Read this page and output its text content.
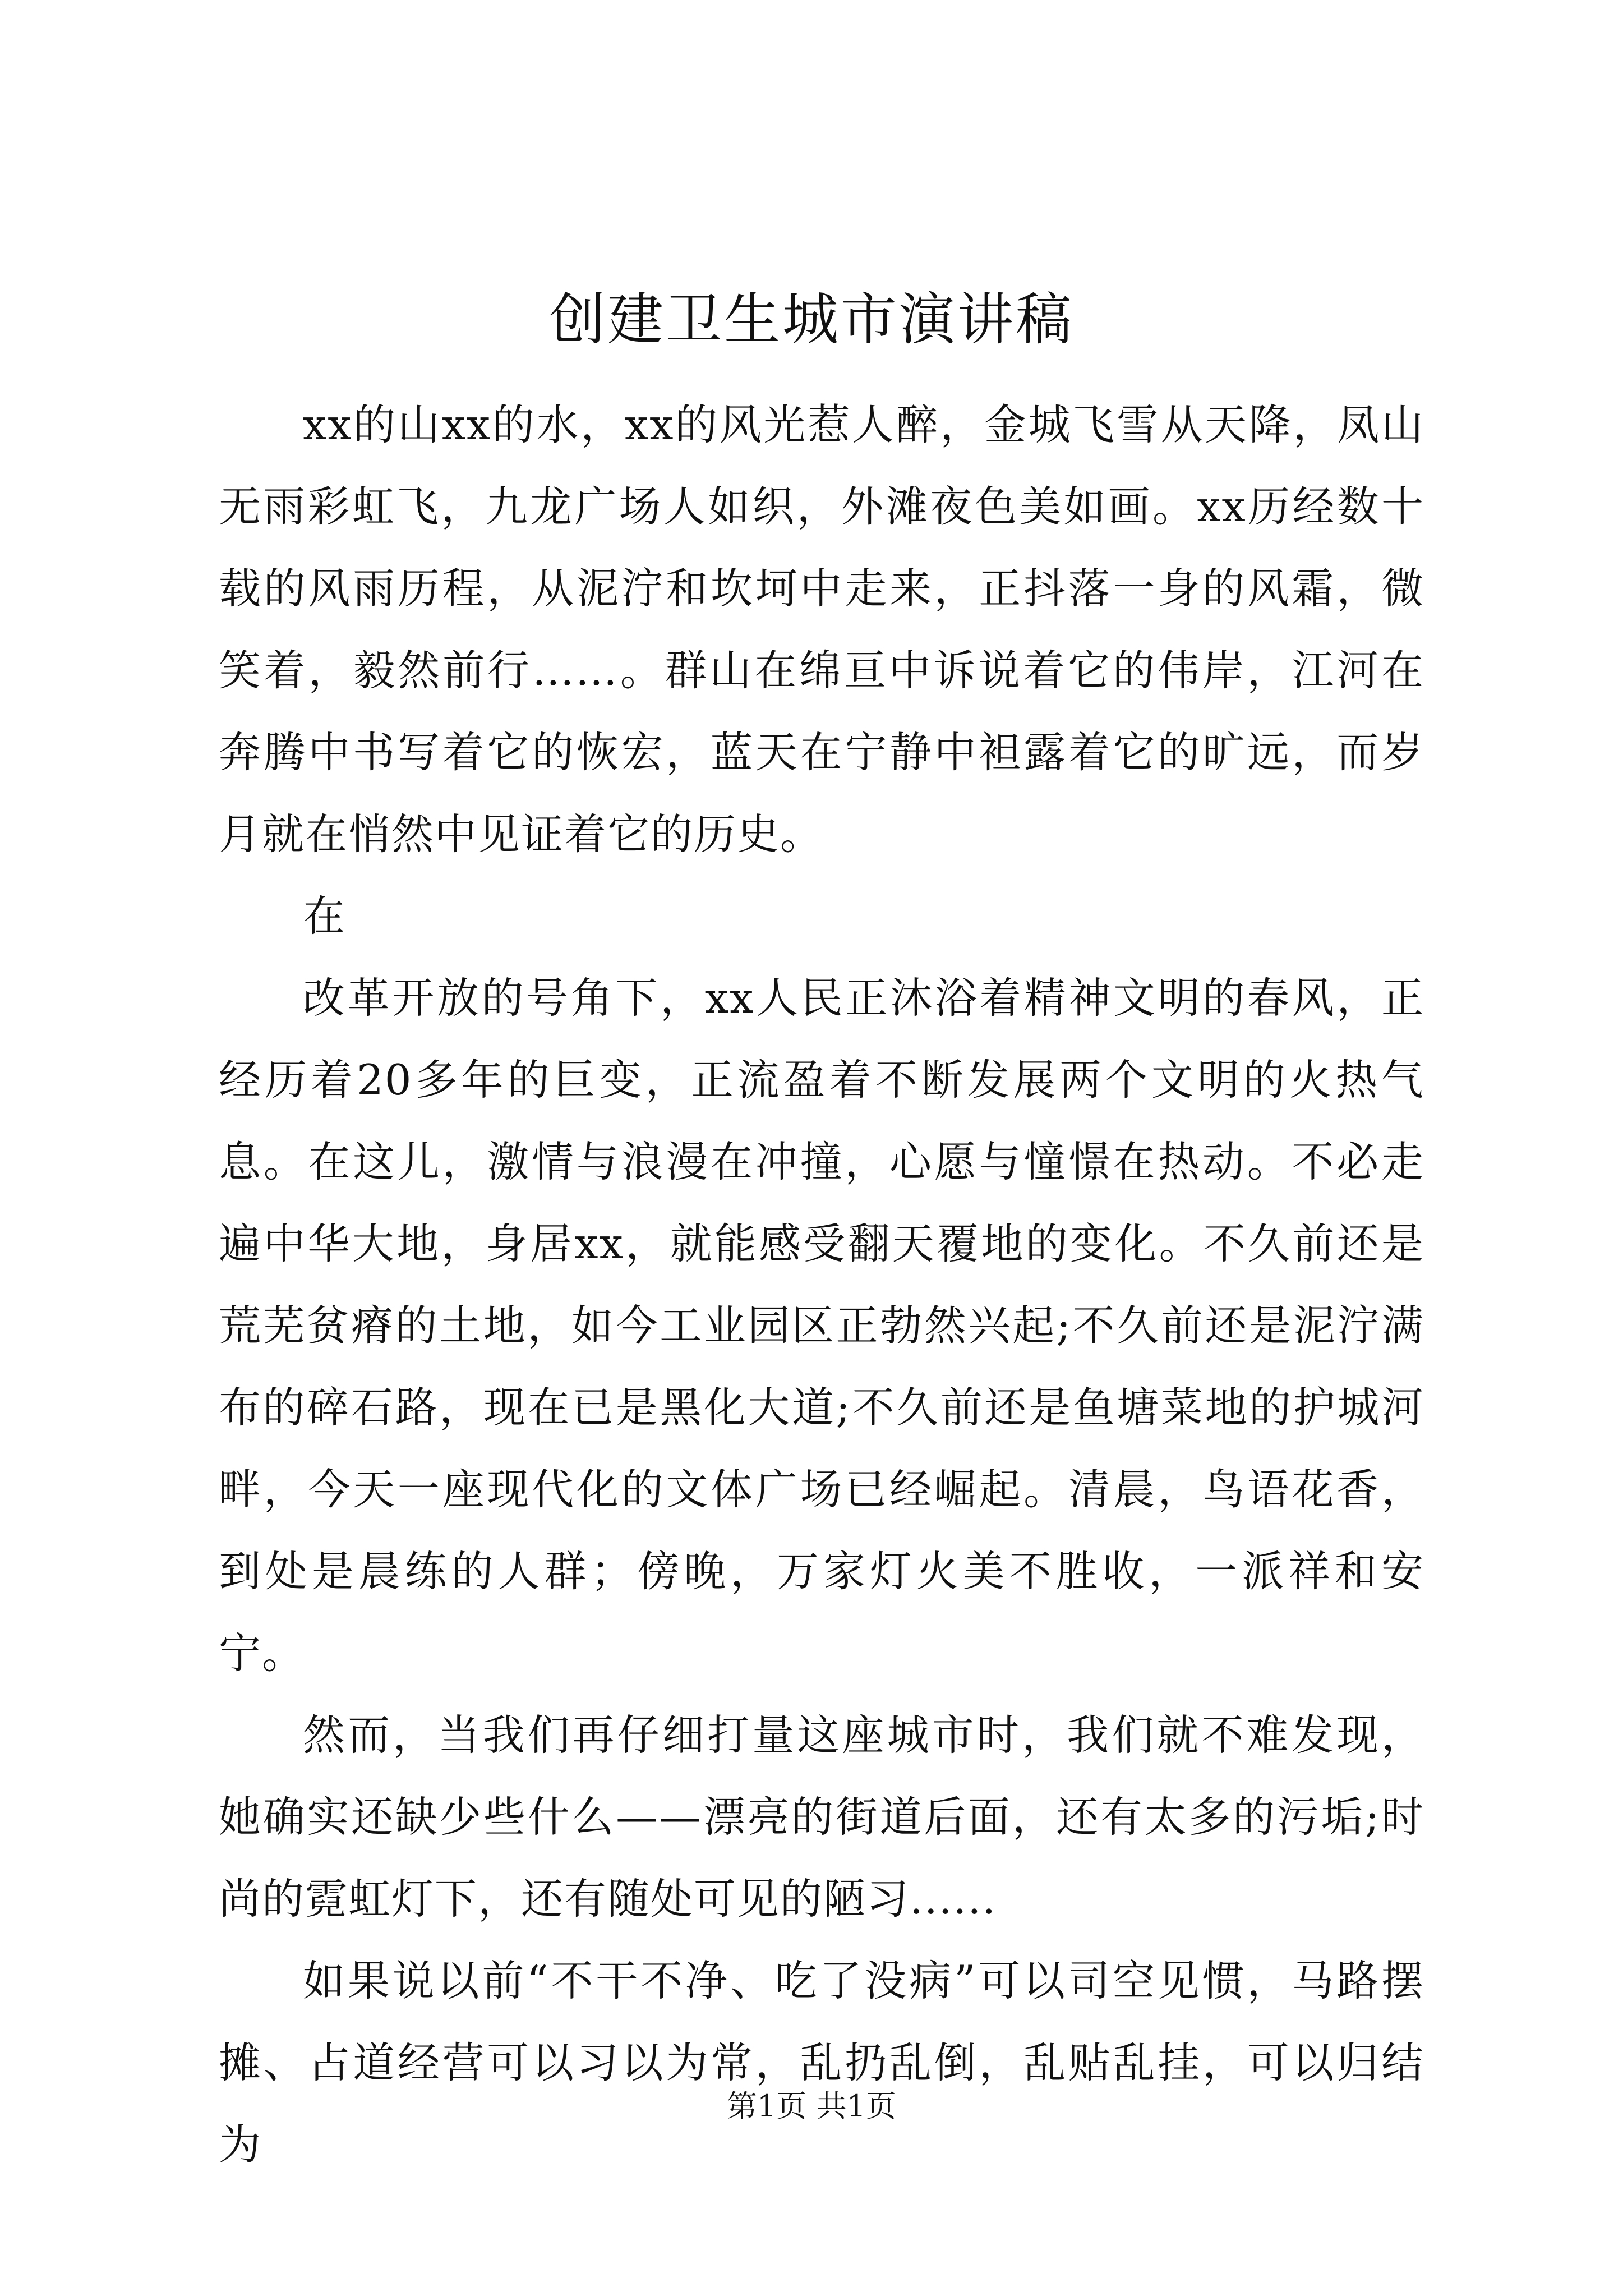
创建卫生城市演讲稿

xx的山xx的水，xx的风光惹人醉，金城飞雪从天降，凤山无雨彩虹飞，九龙广场人如织，外滩夜色美如画。xx历经数十载的风雨历程，从泥泞和坎坷中走来，正抖落一身的风霜，微笑着，毅然前行……。群山在绵亘中诉说着它的伟岸，江河在奔腾中书写着它的恢宏，蓝天在宁静中袒露着它的旷远，而岁月就在悄然中见证着它的历史。

在

改革开放的号角下，xx人民正沐浴着精神文明的春风，正经历着20多年的巨变，正流盈着不断发展两个文明的火热气息。在这儿，激情与浪漫在冲撞，心愿与憧憬在热动。不必走遍中华大地，身居xx，就能感受翻天覆地的变化。不久前还是荒芜贫瘠的土地，如今工业园区正勃然兴起;不久前还是泥泞满布的碎石路，现在已是黑化大道;不久前还是鱼塘菜地的护城河畔，今天一座现代化的文体广场已经崛起。清晨，鸟语花香，到处是晨练的人群；傍晚，万家灯火美不胜收，一派祥和安宁。

然而，当我们再仔细打量这座城市时，我们就不难发现，她确实还缺少些什么——漂亮的街道后面，还有太多的污垢;时尚的霓虹灯下，还有随处可见的陋习......

如果说以前“不干不净、吃了没病”可以司空见惯，马路摆摊、占道经营可以习以为常，乱扔乱倒，乱贴乱挂，可以归结为

第1页 共1页
